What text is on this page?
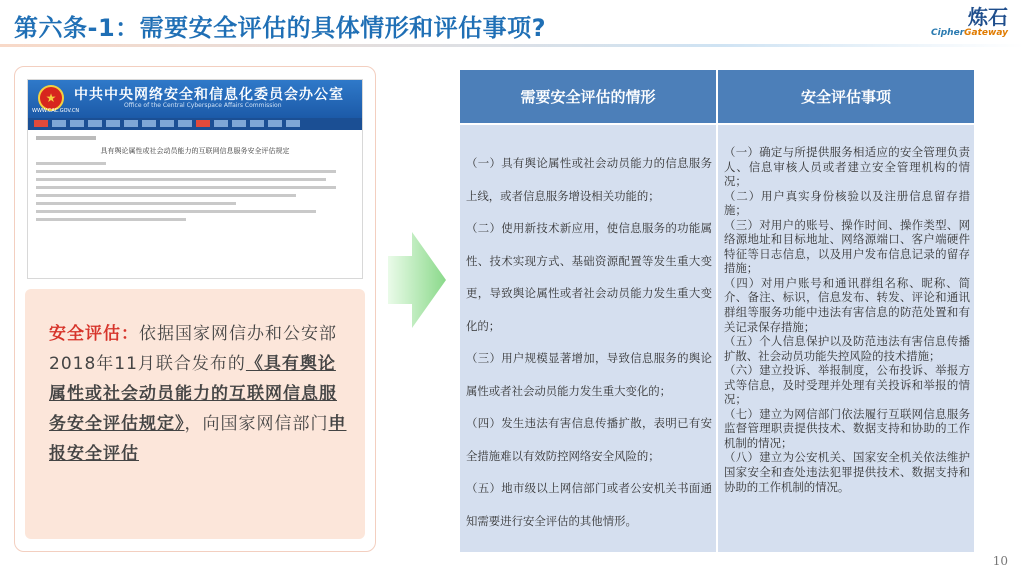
第六条-1：需要安全评估的具体情形和评估事项?	炼石
CipherGateway
★	中共中央网络安全和信息化委员会办公室
Office of the Central Cyberspace Affairs Commission
WWW.CAC.GOV.CN
具有舆论属性或社会动员能力的互联网信息服务安全评估规定
安全评估：依据国家网信办和公安部2018年11月联合发布的《具有舆论属性或社会动员能力的互联网信息服务安全评估规定》，向国家网信部门申报安全评估
需要安全评估的情形	安全评估事项

（一）具有舆论属性或社会动员能力的信息服务上线，或者信息服务增设相关功能的；

（二）使用新技术新应用，使信息服务的功能属性、技术实现方式、基础资源配置等发生重大变更，导致舆论属性或者社会动员能力发生重大变化的；

（三）用户规模显著增加，导致信息服务的舆论属性或者社会动员能力发生重大变化的；

（四）发生违法有害信息传播扩散，表明已有安全措施难以有效防控网络安全风险的；

（五）地市级以上网信部门或者公安机关书面通知需要进行安全评估的其他情形。

（一）确定与所提供服务相适应的安全管理负责人、信息审核人员或者建立安全管理机构的情况；

（二）用户真实身份核验以及注册信息留存措施；

（三）对用户的账号、操作时间、操作类型、网络源地址和目标地址、网络源端口、客户端硬件特征等日志信息，以及用户发布信息记录的留存措施；

（四）对用户账号和通讯群组名称、昵称、简介、备注、标识，信息发布、转发、评论和通讯群组等服务功能中违法有害信息的防范处置和有关记录保存措施；

（五）个人信息保护以及防范违法有害信息传播扩散、社会动员功能失控风险的技术措施；

（六）建立投诉、举报制度，公布投诉、举报方式等信息，及时受理并处理有关投诉和举报的情况；

（七）建立为网信部门依法履行互联网信息服务监督管理职责提供技术、数据支持和协助的工作机制的情况；

（八）建立为公安机关、国家安全机关依法维护国家安全和查处违法犯罪提供技术、数据支持和协助的工作机制的情况。

10
